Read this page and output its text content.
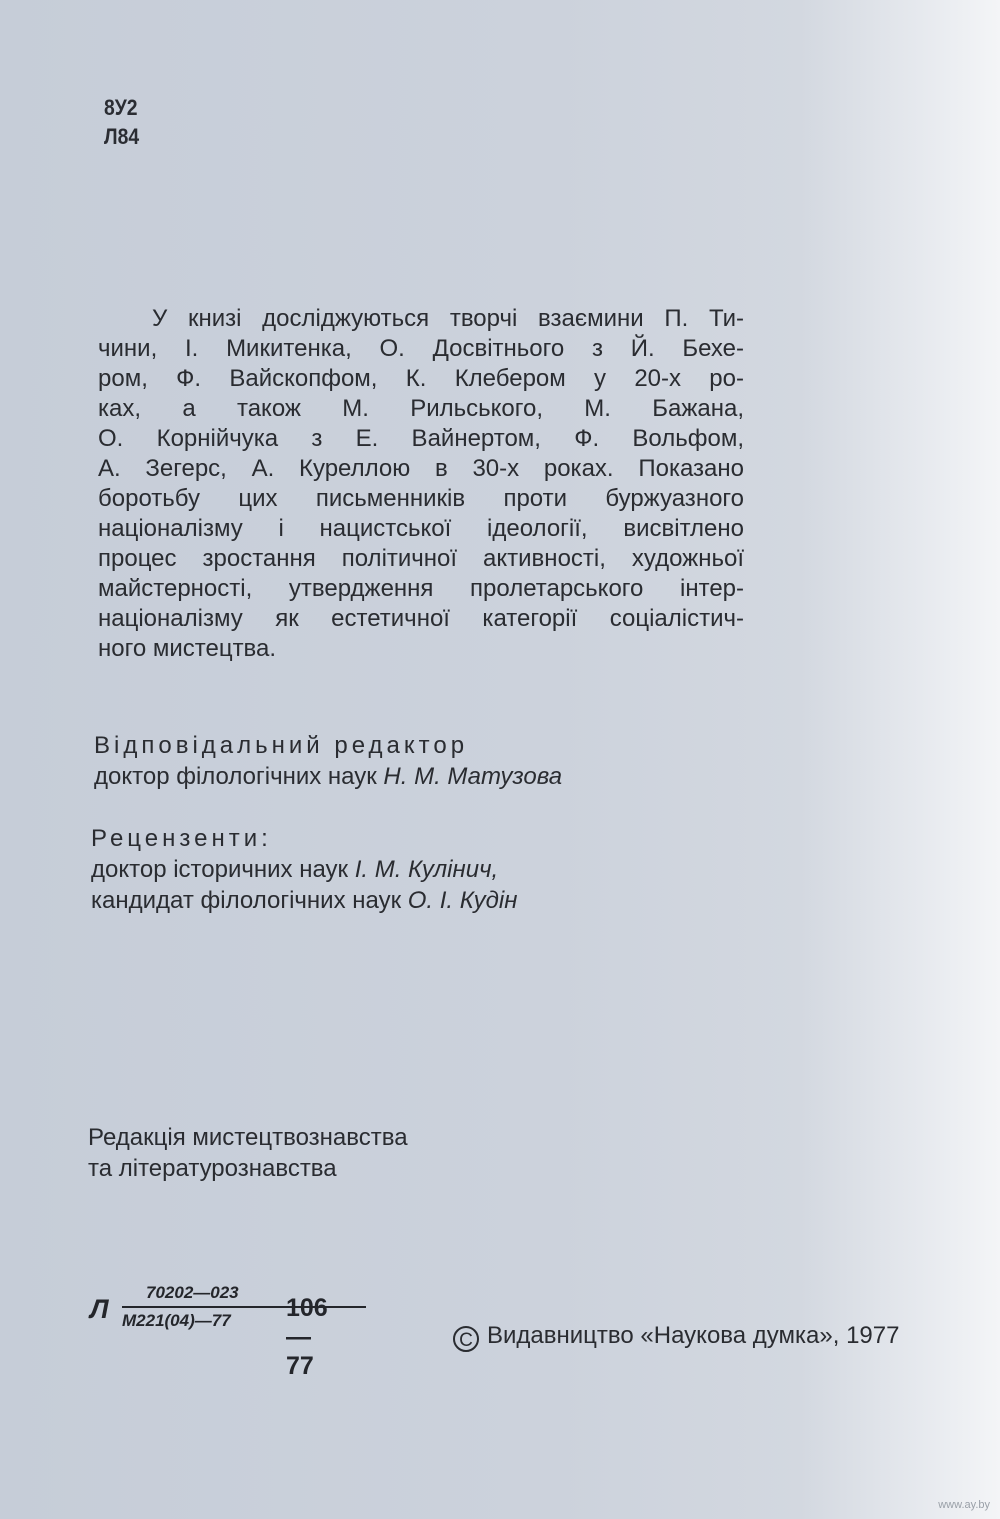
8У2
Л84
У книзі досліджуються творчі взаємини П. Ти-
чини, І. Микитенка, О. Досвітнього з Й. Бехе-
ром, Ф. Вайскопфом, К. Клебером у 20-х ро-
ках, а також М. Рильського, М. Бажана,
О. Корнійчука з Е. Вайнертом, Ф. Вольфом,
А. Зегерс, А. Куреллою в 30-х роках. Показано
боротьбу цих письменників проти буржуазного
націоналізму і нацистської ідеології, висвітлено
процес зростання політичної активності, художньої
майстерності, утвердження пролетарського інтер-
націоналізму як естетичної категорії соціалістич-
ного мистецтва.
Відповідальний редактор
доктор філологічних наук Н. М. Матузова
Рецензенти:
доктор історичних наук І. М. Кулінич,
кандидат філологічних наук О. І. Кудін
Редакція мистецтвознавства
та літературознавства
Л
70202—023
М221(04)—77	106—77
C Видавництво «Наукова думка», 1977
www.ay.by
